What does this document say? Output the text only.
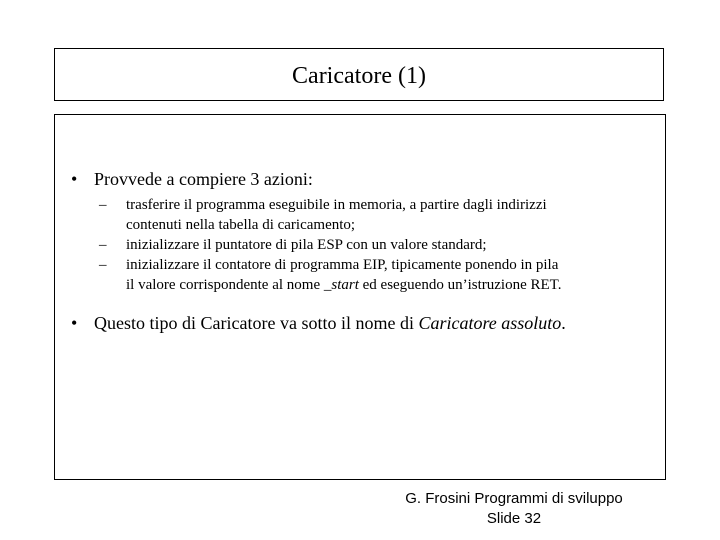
Caricatore (1)
• Provvede a compiere 3 azioni:
– trasferire il programma eseguibile in memoria, a partire dagli indirizzi
contenuti nella tabella di caricamento;
– inizializzare il puntatore di pila ESP con un valore standard;
– inizializzare il contatore di programma EIP, tipicamente ponendo in pila
il valore corrispondente al nome _start ed eseguendo un’istruzione RET.
• Questo tipo di Caricatore va sotto il nome di Caricatore assoluto.
G. Frosini Programmi di sviluppo
Slide 32
